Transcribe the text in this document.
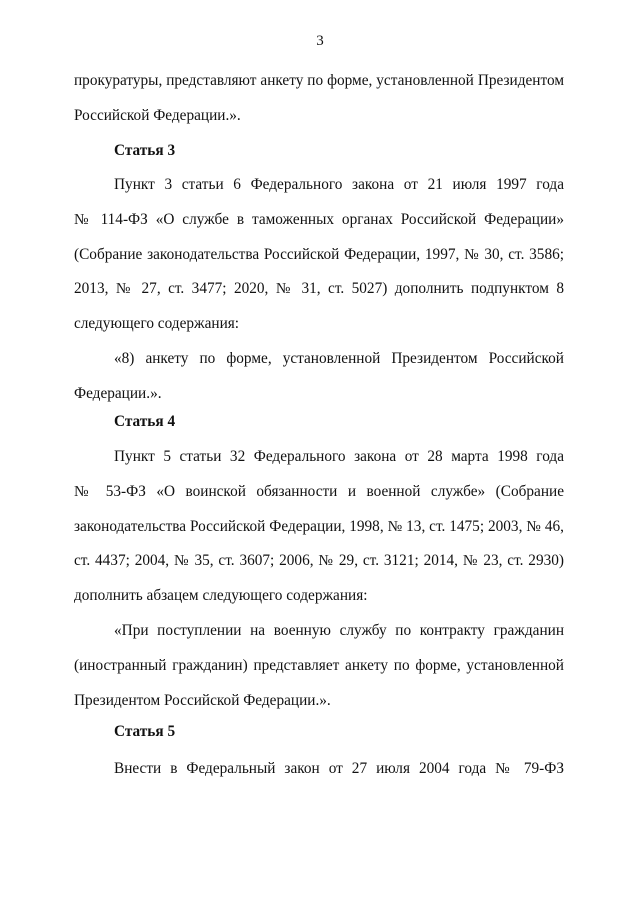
3
прокуратуры, представляют анкету по форме, установленной Президентом
Российской Федерации.».
Статья 3
Пункт 3 статьи 6 Федерального закона от 21 июля 1997 года
№ 114-ФЗ «О службе в таможенных органах Российской Федерации»
(Собрание законодательства Российской Федерации, 1997, № 30, ст. 3586;
2013, № 27, ст. 3477; 2020, № 31, ст. 5027) дополнить подпунктом 8
следующего содержания:
«8) анкету по форме, установленной Президентом Российской
Федерации.».
Статья 4
Пункт 5 статьи 32 Федерального закона от 28 марта 1998 года
№ 53-ФЗ «О воинской обязанности и военной службе» (Собрание
законодательства Российской Федерации, 1998, № 13, ст. 1475; 2003, № 46,
ст. 4437; 2004, № 35, ст. 3607; 2006, № 29, ст. 3121; 2014, № 23, ст. 2930)
дополнить абзацем следующего содержания:
«При поступлении на военную службу по контракту гражданин
(иностранный гражданин) представляет анкету по форме, установленной
Президентом Российской Федерации.».
Статья 5
Внести в Федеральный закон от 27 июля 2004 года № 79-ФЗ
